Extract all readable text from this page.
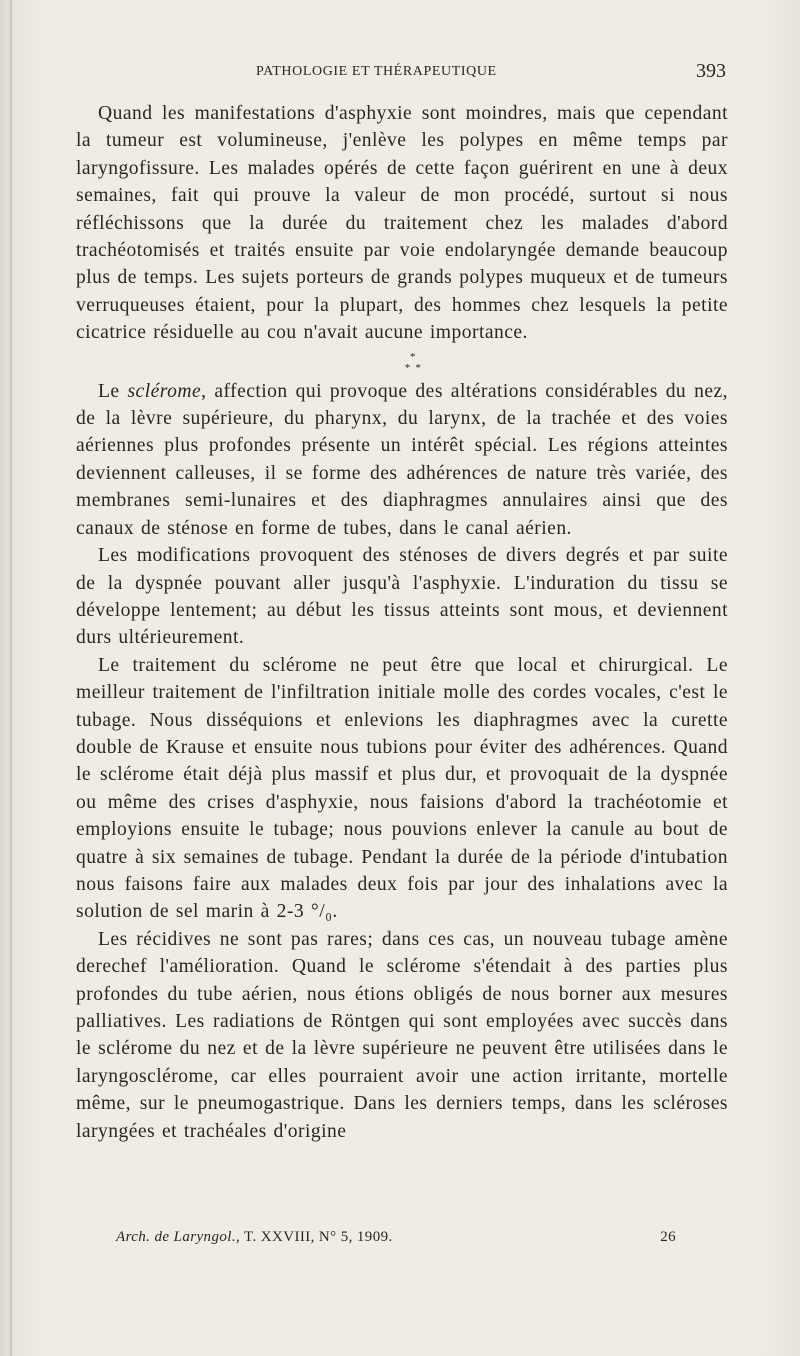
PATHOLOGIE ET THÉRAPEUTIQUE	393

Quand les manifestations d'asphyxie sont moindres, mais que cependant la tumeur est volumineuse, j'enlève les polypes en même temps par laryngofissure. Les malades opérés de cette façon guérirent en une à deux semaines, fait qui prouve la valeur de mon procédé, surtout si nous réfléchissons que la durée du traitement chez les malades d'abord trachéotomisés et traités ensuite par voie endolaryngée demande beaucoup plus de temps. Les sujets porteurs de grands polypes muqueux et de tumeurs verruqueuses étaient, pour la plupart, des hommes chez lesquels la petite cicatrice résiduelle au cou n'avait aucune importance.

*
* *

Le sclérome, affection qui provoque des altérations considérables du nez, de la lèvre supérieure, du pharynx, du larynx, de la trachée et des voies aériennes plus profondes présente un intérêt spécial. Les régions atteintes deviennent calleuses, il se forme des adhérences de nature très variée, des membranes semi-lunaires et des diaphragmes annulaires ainsi que des canaux de sténose en forme de tubes, dans le canal aérien.

Les modifications provoquent des sténoses de divers degrés et par suite de la dyspnée pouvant aller jusqu'à l'asphyxie. L'induration du tissu se développe lentement; au début les tissus atteints sont mous, et deviennent durs ultérieurement.

Le traitement du sclérome ne peut être que local et chirurgical. Le meilleur traitement de l'infiltration initiale molle des cordes vocales, c'est le tubage. Nous disséquions et enlevions les diaphragmes avec la curette double de Krause et ensuite nous tubions pour éviter des adhérences. Quand le sclérome était déjà plus massif et plus dur, et provoquait de la dyspnée ou même des crises d'asphyxie, nous faisions d'abord la trachéotomie et employions ensuite le tubage; nous pouvions enlever la canule au bout de quatre à six semaines de tubage. Pendant la durée de la période d'intubation nous faisons faire aux malades deux fois par jour des inhalations avec la solution de sel marin à 2-3 °/₀.

Les récidives ne sont pas rares; dans ces cas, un nouveau tubage amène derechef l'amélioration. Quand le sclérome s'étendait à des parties plus profondes du tube aérien, nous étions obligés de nous borner aux mesures palliatives. Les radiations de Röntgen qui sont employées avec succès dans le sclérome du nez et de la lèvre supérieure ne peuvent être utilisées dans le laryngosclérome, car elles pourraient avoir une action irritante, mortelle même, sur le pneumogastrique. Dans les derniers temps, dans les scléroses laryngées et trachéales d'origine

Arch. de Laryngol., T. XXVIII, N° 5, 1909.	26
